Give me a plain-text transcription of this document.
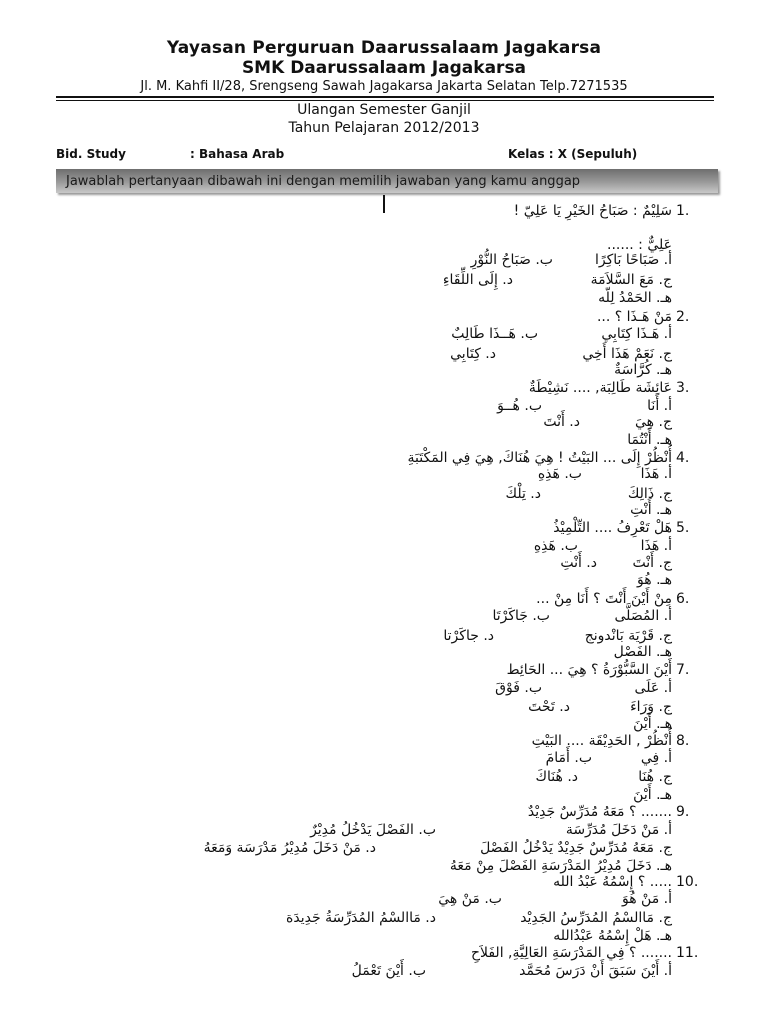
Yayasan Perguruan Daarussalaam Jagakarsa
SMK Daarussalaam Jagakarsa
Jl. M. Kahfi II/28, Srengseng Sawah Jagakarsa Jakarta Selatan Telp.7271535
Ulangan Semester Ganjil
Tahun Pelajaran 2012/2013
Bid. Study	: Bahasa Arab	Kelas : X (Sepuluh)
Jawablah pertanyaan dibawah ini dengan memilih jawaban yang kamu anggap
1.
سَلِيْمٌ : صَبَاحُ الخَيْرِ يَا عَلِيّ !
عَلِيٌّ : ......
أ. صَبَاحًا بَاكِرًا
ب. صَبَاحُ النُّوْرِ
ج. مَعَ السَّلاَمَة
د. إِلَى اللِّقَاءِ
هـ. الحَمْدُ لِلّه
2.
مَنْ هَـذَا ؟ ...
أ. هَـذَا كِتَابِي
ب. هَــذَا طَالِبٌ
ج. نَعَمْ هَذَا أَخِي
د. كِتَابِي
هـ. كُرَّاسَةٌ
3.
عَائِشَة طَالِبَة, .... نَشِيْطَةٌ
أ. أَنَا
ب. هُــوَ
ج. هِيَ
د. أَنْتَ
هـ. أَنْتُمَا
4.
أُنْظُرْ إِلَى ... البَيْتُ ! هِيَ هُنَاكَ, هِيَ فِي المَكْتَبَةِ
أ. هَذَا
ب. هَذِهِ
ج. ذَالِكَ
د. تِلْكَ
هـ. أَنْتِ
5.
هَلْ تَعْرِفُ .... التِّلْمِيْذُ
أ. هَذَا
ب. هَذِهِ
ج. أَنْتَ
د. أَنْتِ
هـ. هُوَ
6.
مِنْ أَيْنَ أَنْتَ ؟ أَنَا مِنْ ...
أ. المُصَلَّى
ب. جَاكَرْتَا
ج. قَرْيَة بَانْدونج
د. جاكَرْتا
هـ. الفَصْل
7.
أَيْنَ السَّبُّوْرَةُ ؟ هِيَ ... الحَائِط
أ. عَلَى
ب. فَوْقَ
ج. وَرَاءَ
د. تَحْتَ
هـ. أَيْنَ
8.
أُنْظُرْ , الحَدِيْقَة .... البَيْتِ
أ. فِي
ب. أَمَامَ
ج. هُنَا
د. هُنَاكَ
هـ. أَيْنَ
9.
....... ؟ مَعَهُ مُدَرِّسٌ جَدِيْدٌ
أ. مَنْ دَخَلَ مُدَرِّسَة
ب. الفَصْلَ يَدْخُلُ مُدِيْرٌ
ج. مَعَهُ مُدَرِّسٌ جَدِيْدٌ يَدْخُلُ الفَصْلَ
د. مَنْ دَخَلَ مُدِيْرُ مَدْرَسَة وَمَعَهُ
هـ. دَخَلَ مُدِيْرُ المَدْرَسَةِ الفَصْلَ مِنْ مَعَهُ
10.
..... ؟ إِسْمُهُ عَبْدُ الله
أ. مَنْ هُوَ
ب. مَنْ هِيَ
ج. مَاالسْمُ المُدَرِّسُ الجَدِيْد
د. مَاالسْمُ المُدَرِّسَةُ جَدِيدَة
هـ. هَلْ إِسْمُهُ عَبْدُالله
11.
....... ؟ فِي المَدْرَسَةِ العَالِيَّةِ, الفَلاَحِ
أ. أَيْنَ سَبَقَ أَنْ دَرَسَ مُحَمَّد
ب. أَيْنَ تَعْمَلُ
